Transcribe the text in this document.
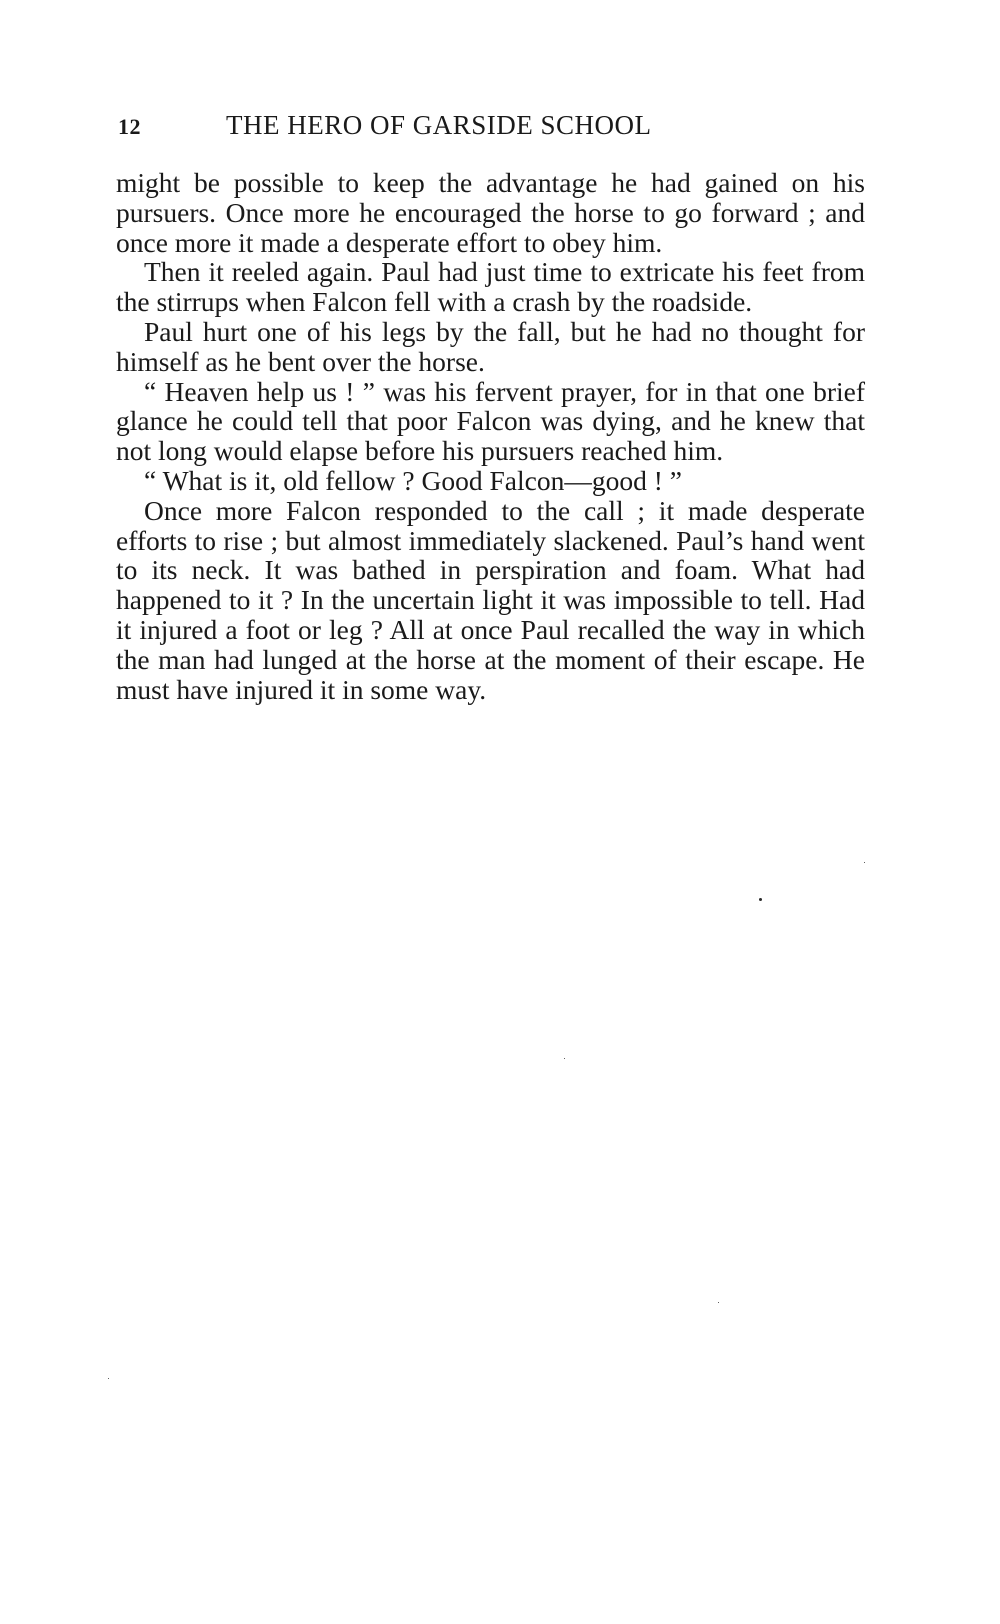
12	THE HERO OF GARSIDE SCHOOL

might be possible to keep the advantage he had gained on his pursuers. Once more he encouraged the horse to go forward ; and once more it made a desperate effort to obey him.

Then it reeled again. Paul had just time to extricate his feet from the stirrups when Falcon fell with a crash by the roadside.

Paul hurt one of his legs by the fall, but he had no thought for himself as he bent over the horse.

“ Heaven help us ! ” was his fervent prayer, for in that one brief glance he could tell that poor Falcon was dying, and he knew that not long would elapse before his pursuers reached him.

“ What is it, old fellow ? Good Falcon—good ! ”

Once more Falcon responded to the call ; it made desperate efforts to rise ; but almost immediately slackened. Paul’s hand went to its neck. It was bathed in perspiration and foam. What had happened to it ? In the uncertain light it was impossible to tell. Had it injured a foot or leg ? All at once Paul recalled the way in which the man had lunged at the horse at the moment of their escape. He must have injured it in some way.
